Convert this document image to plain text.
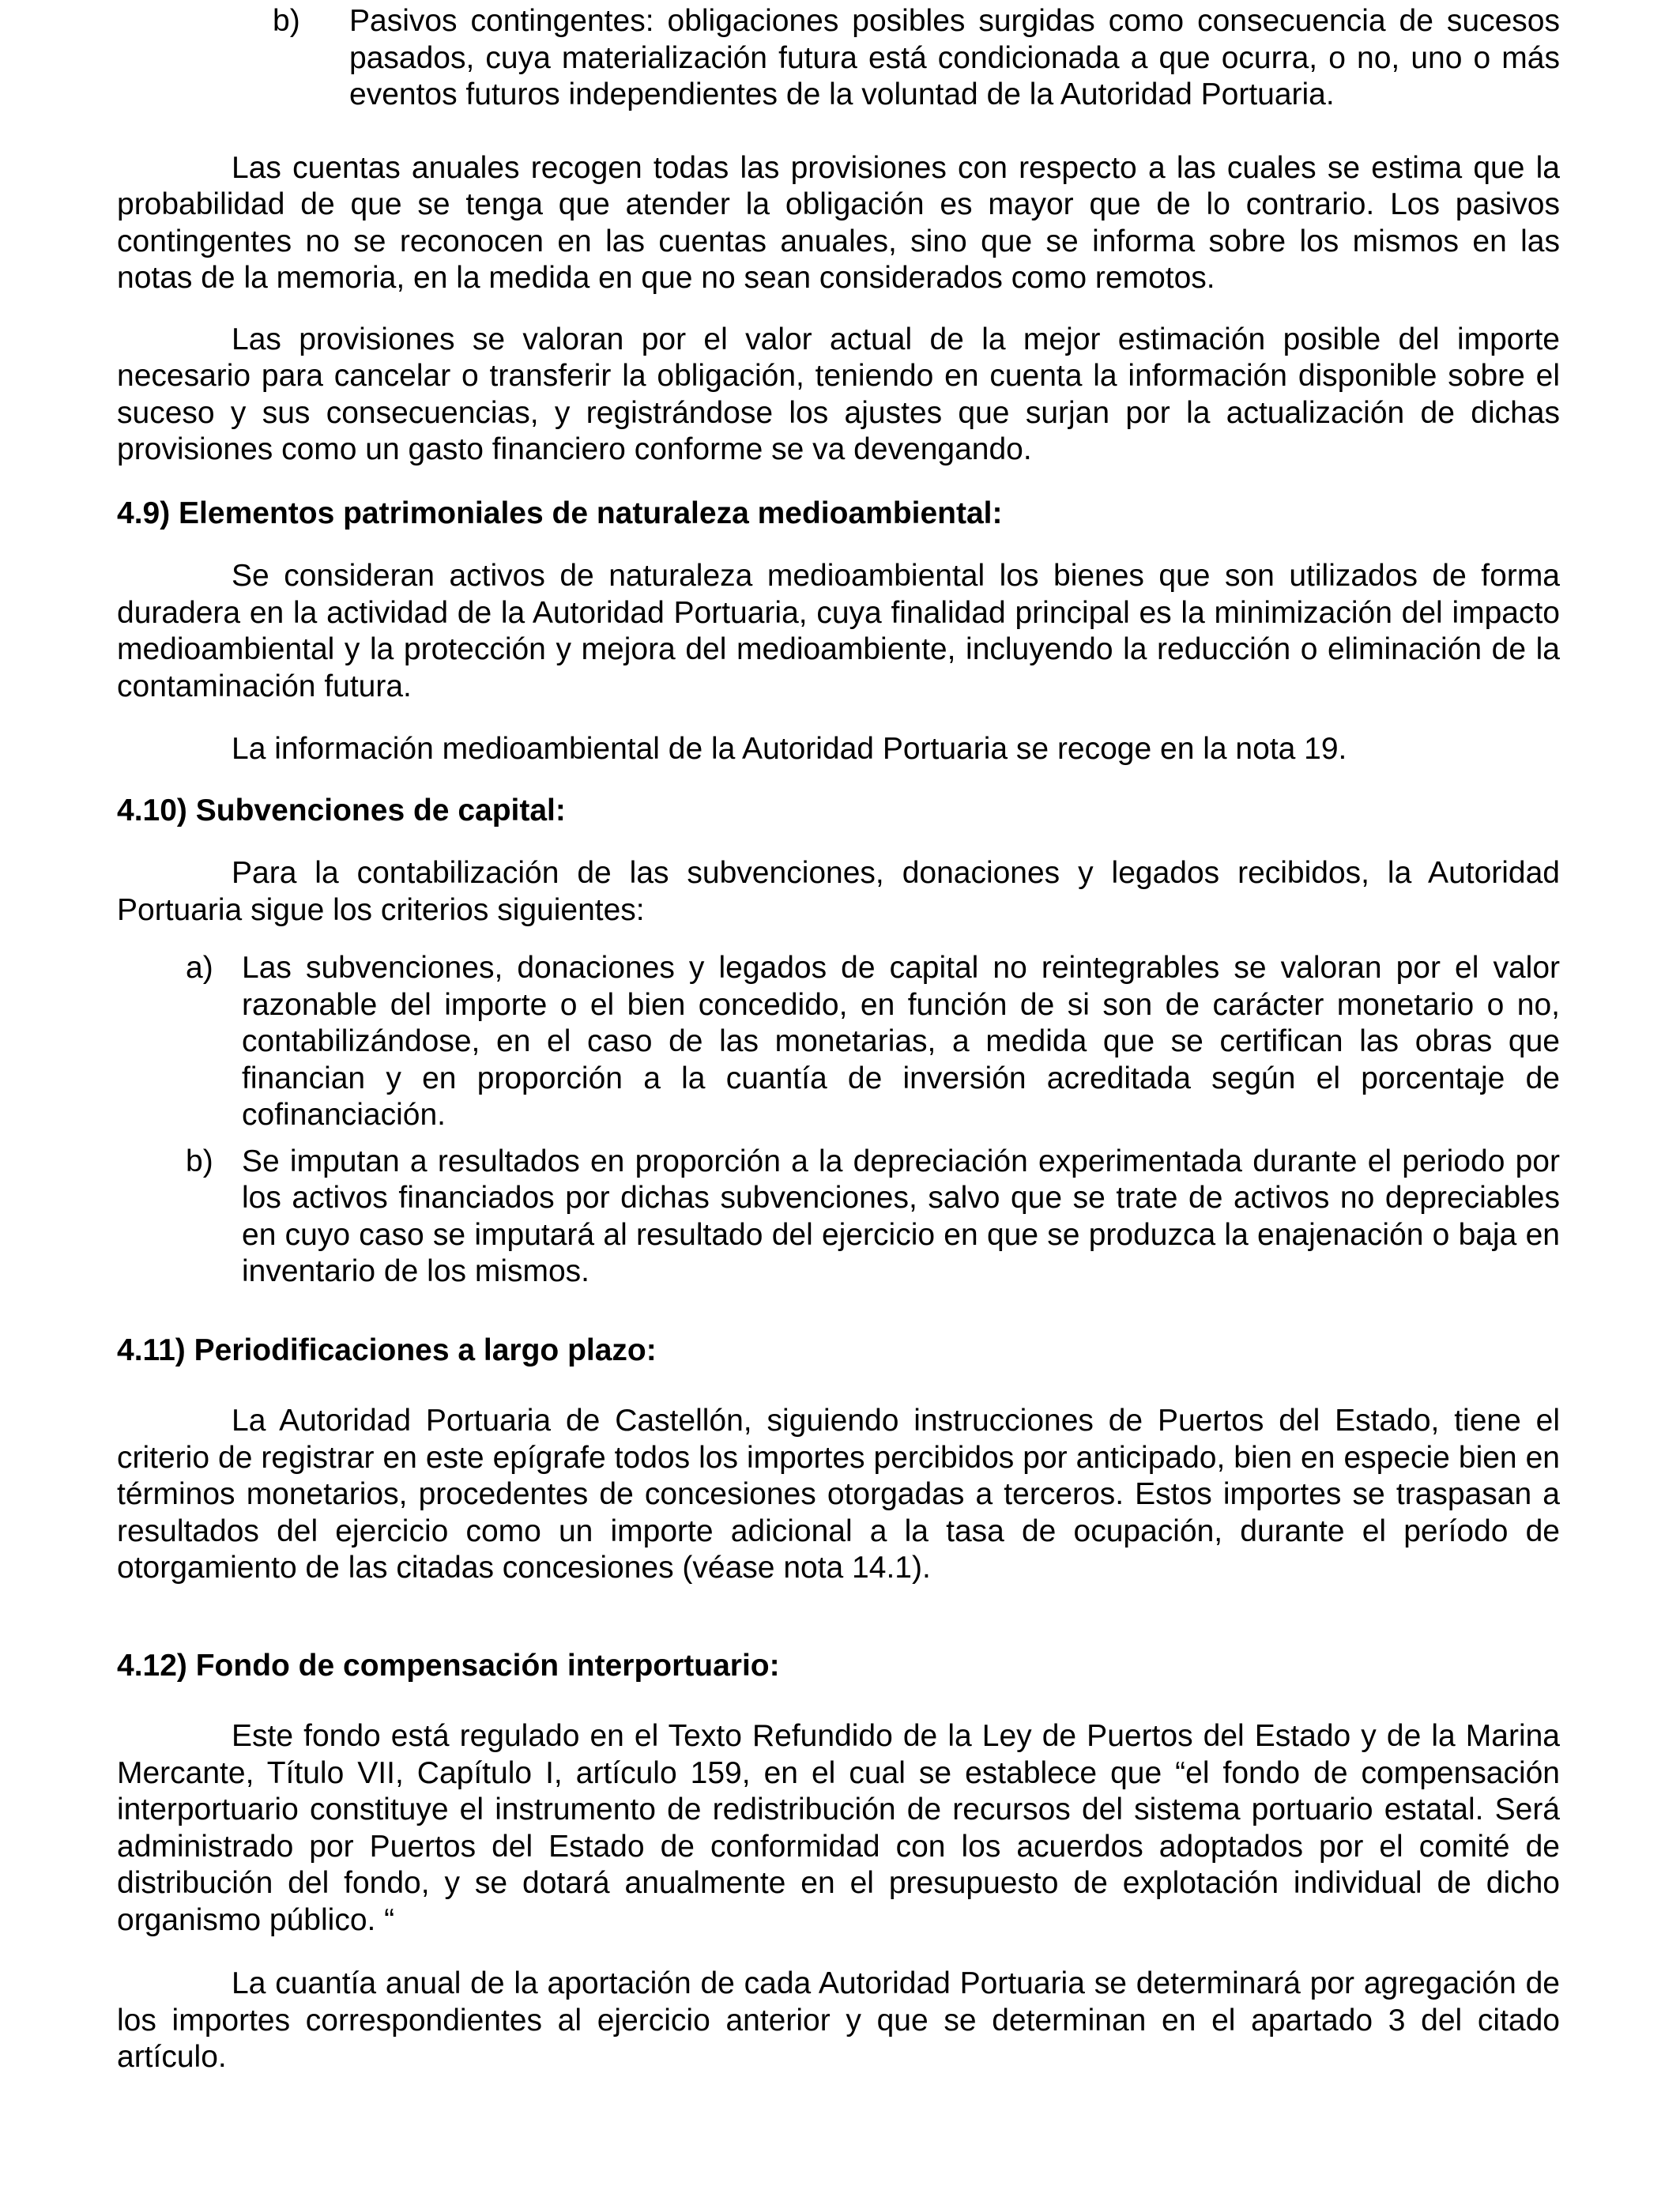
b)	Pasivos contingentes: obligaciones posibles surgidas como consecuencia de sucesos pasados, cuya materialización futura está condicionada a que ocurra, o no, uno o más eventos futuros independientes de la voluntad de la Autoridad Portuaria.

Las cuentas anuales recogen todas las provisiones con respecto a las cuales se estima que la probabilidad de que se tenga que atender la obligación es mayor que de lo contrario. Los pasivos contingentes no se reconocen en las cuentas anuales, sino que se informa sobre los mismos en las notas de la memoria, en la medida en que no sean considerados como remotos.

Las provisiones se valoran por el valor actual de la mejor estimación posible del importe necesario para cancelar o transferir la obligación, teniendo en cuenta la información disponible sobre el suceso y sus consecuencias, y registrándose los ajustes que surjan por la actualización de dichas provisiones como un gasto financiero conforme se va devengando.

4.9) Elementos patrimoniales de naturaleza medioambiental:

Se consideran activos de naturaleza medioambiental los bienes que son utilizados de forma duradera en la actividad de la Autoridad Portuaria, cuya finalidad principal es la minimización del impacto medioambiental y la protección y mejora del medioambiente, incluyendo la reducción o eliminación de la contaminación futura.

La información medioambiental de la Autoridad Portuaria se recoge en la nota 19.

4.10) Subvenciones de capital:

Para la contabilización de las subvenciones, donaciones y legados recibidos, la Autoridad Portuaria sigue los criterios siguientes:

a) Las subvenciones, donaciones y legados de capital no reintegrables se valoran por el valor razonable del importe o el bien concedido, en función de si son de carácter monetario o no, contabilizándose, en el caso de las monetarias, a medida que se certifican las obras que financian y en proporción a la cuantía de inversión acreditada según el porcentaje de cofinanciación.
b) Se imputan a resultados en proporción a la depreciación experimentada durante el periodo por los activos financiados por dichas subvenciones, salvo que se trate de activos no depreciables en cuyo caso se imputará al resultado del ejercicio en que se produzca la enajenación o baja en inventario de los mismos.
4.11) Periodificaciones a largo plazo:

La Autoridad Portuaria de Castellón, siguiendo instrucciones de Puertos del Estado, tiene el criterio de registrar en este epígrafe todos los importes percibidos por anticipado, bien en especie bien en términos monetarios, procedentes de concesiones otorgadas a terceros. Estos importes se traspasan a resultados del ejercicio como un importe adicional a la tasa de ocupación, durante el período de otorgamiento de las citadas concesiones (véase nota 14.1).

4.12) Fondo de compensación interportuario:

Este fondo está regulado en el Texto Refundido de la Ley de Puertos del Estado y de la Marina Mercante, Título VII, Capítulo I, artículo 159, en el cual se establece que “el fondo de compensación interportuario constituye el instrumento de redistribución de recursos del sistema portuario estatal. Será administrado por Puertos del Estado de conformidad con los acuerdos adoptados por el comité de distribución del fondo, y se dotará anualmente en el presupuesto de explotación individual de dicho organismo público. “

La cuantía anual de la aportación de cada Autoridad Portuaria se determinará por agregación de los importes correspondientes al ejercicio anterior y que se determinan en el apartado 3 del citado artículo.
